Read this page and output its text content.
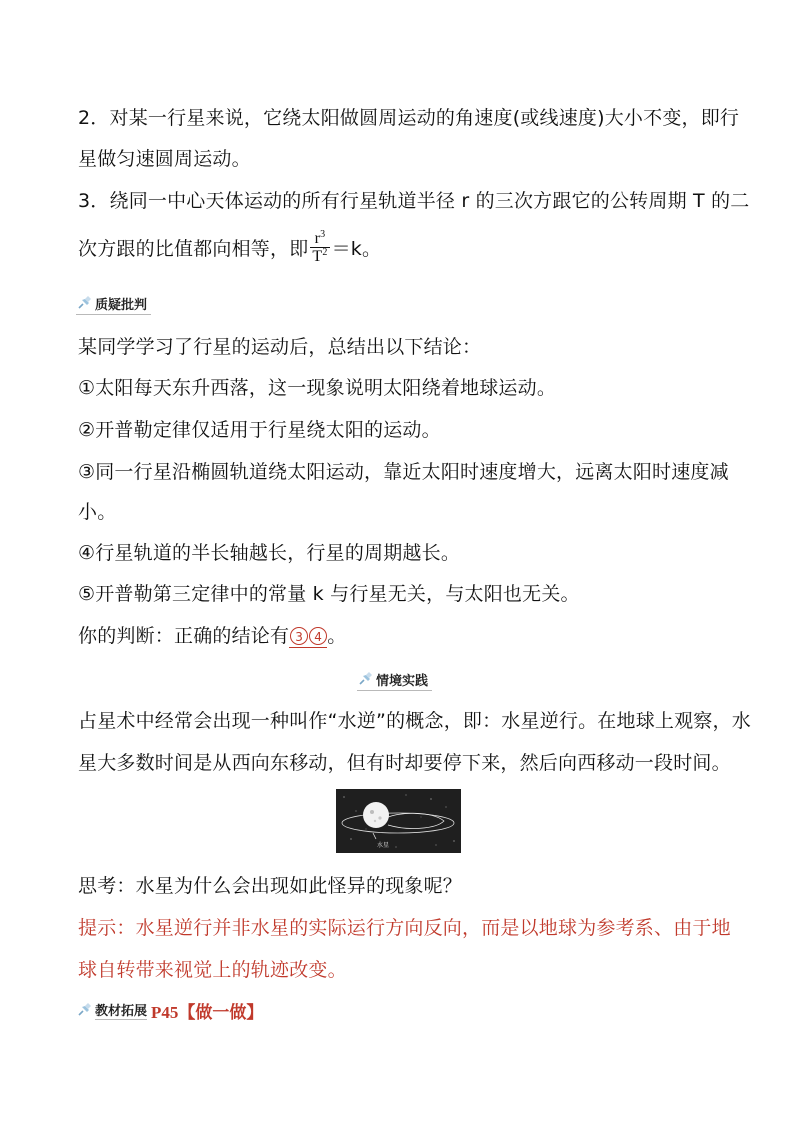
2．对某一行星来说，它绕太阳做圆周运动的角速度(或线速度)大小不变，即行
星做匀速圆周运动。
3．绕同一中心天体运动的所有行星轨道半径 r 的三次方跟它的公转周期 T 的二
次方跟的比值都向相等，即 $\frac{r^3}{T^2} =k$。
质疑批判
某同学学习了行星的运动后，总结出以下结论：
①太阳每天东升西落，这一现象说明太阳绕着地球运动。
②开普勒定律仅适用于行星绕太阳的运动。
③同一行星沿椭圆轨道绕太阳运动，靠近太阳时速度增大，远离太阳时速度减
小。
④行星轨道的半长轴越长，行星的周期越长。
⑤开普勒第三定律中的常量 k 与行星无关，与太阳也无关。
你的判断：正确的结论有 3 4 。
情境实践
占星术中经常会出现一种叫作“水逆”的概念，即：水星逆行。在地球上观察，水
星大多数时间是从西向东移动，但有时却要停下来，然后向西移动一段时间。
水星
思考：水星为什么会出现如此怪异的现象呢？
提示：水星逆行并非水星的实际运行方向反向，而是以地球为参考系、由于地
球自转带来视觉上的轨迹改变。
教材拓展 P45【做一做】
